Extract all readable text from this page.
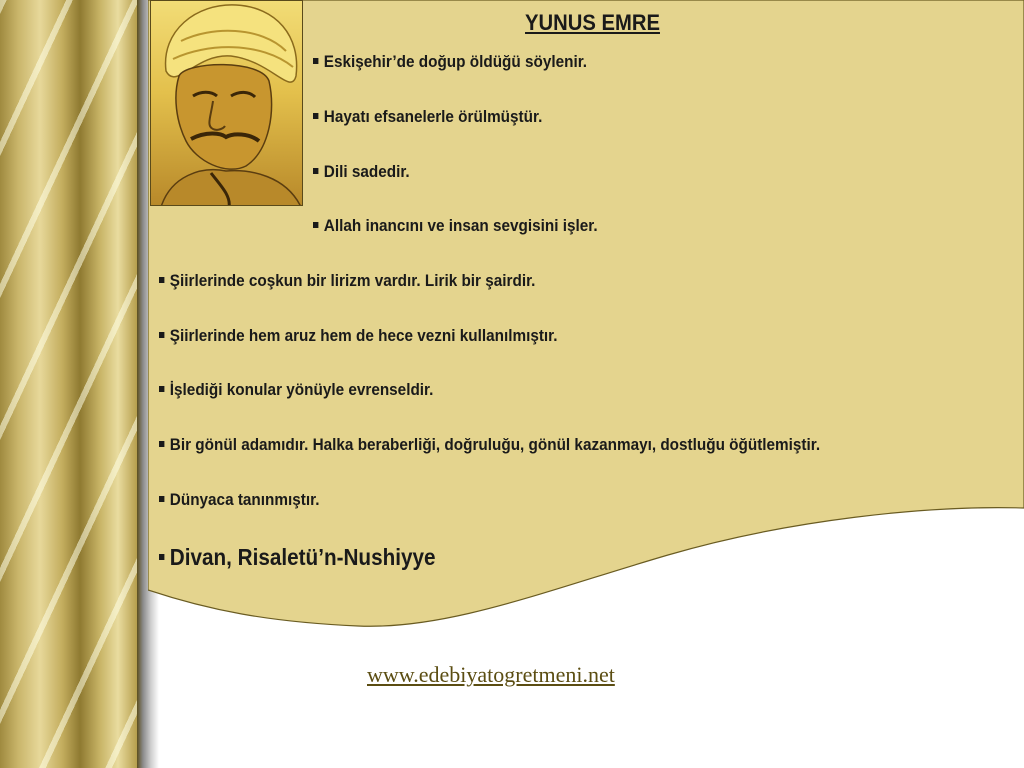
YUNUS EMRE
Eskişehir’de doğup öldüğü söylenir.
Hayatı efsanelerle örülmüştür.
Dili sadedir.
Allah inancını ve insan sevgisini işler.
Şiirlerinde coşkun bir lirizm vardır. Lirik bir şairdir.
Şiirlerinde hem aruz hem de hece vezni kullanılmıştır.
İşlediği konular yönüyle evrenseldir.
Bir gönül adamıdır. Halka beraberliği, doğruluğu, gönül kazanmayı, dostluğu öğütlemiştir.
Dünyaca tanınmıştır.
Divan, Risaletü’n-Nushiyye
www.edebiyatogretmeni.net
